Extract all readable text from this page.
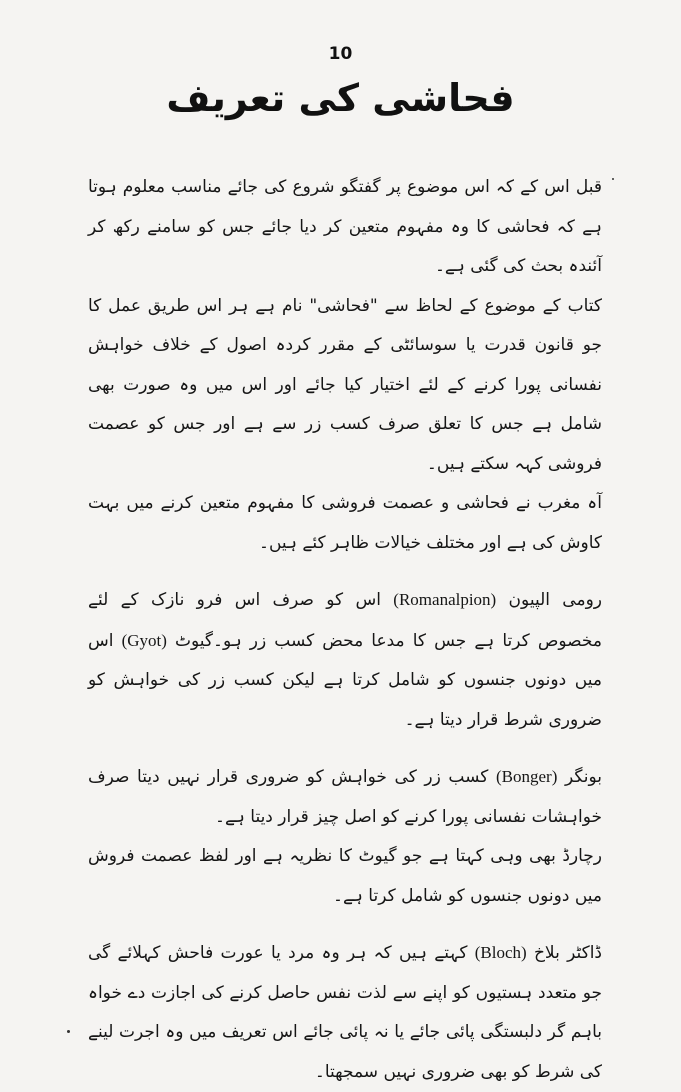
10
فحاشی کی تعریف

قبل اس کے کہ اس موضوع پر گفتگو شروع کی جائے مناسب معلوم ہوتا ہے کہ فحاشی کا وہ مفہوم متعین کر دیا جائے جس کو سامنے رکھ کر آئندہ بحث کی گئی ہے۔

کتاب کے موضوع کے لحاظ سے "فحاشی" نام ہے ہر اس طریق عمل کا جو قانون قدرت یا سوسائٹی کے مقرر کردہ اصول کے خلاف خواہش نفسانی پورا کرنے کے لئے اختیار کیا جائے اور اس میں وہ صورت بھی شامل ہے جس کا تعلق صرف کسب زر سے ہے اور جس کو عصمت فروشی کہہ سکتے ہیں۔

آہ مغرب نے فحاشی و عصمت فروشی کا مفہوم متعین کرنے میں بہت کاوش کی ہے اور مختلف خیالات ظاہر کئے ہیں۔

رومی الپیون (Romanalpion) اس کو صرف اس فرو نازک کے لئے مخصوص کرتا ہے جس کا مدعا محض کسب زر ہو۔گیوٹ (Gyot) اس میں دونوں جنسوں کو شامل کرتا ہے لیکن کسب زر کی خواہش کو ضروری شرط قرار دیتا ہے۔

بونگر (Bonger) کسب زر کی خواہش کو ضروری قرار نہیں دیتا صرف خواہشات نفسانی پورا کرنے کو اصل چیز قرار دیتا ہے۔

رچارڈ بھی وہی کہتا ہے جو گیوٹ کا نظریہ ہے اور لفظ عصمت فروش میں دونوں جنسوں کو شامل کرتا ہے۔

ڈاکٹر بلاخ (Bloch) کہتے ہیں کہ ہر وہ مرد یا عورت فاحش کہلائے گی جو متعدد ہستیوں کو اپنے سے لذت نفس حاصل کرنے کی اجازت دے خواہ باہم گر دلبستگی پائی جائے یا نہ پائی جائے اس تعریف میں وہ اجرت لینے کی شرط کو بھی ضروری نہیں سمجھتا۔
